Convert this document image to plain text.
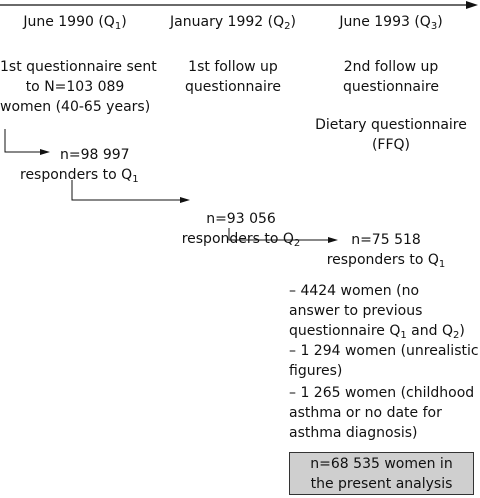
June 1990 $(Q_1)$	January 1992 $(Q_2)$	June 1993 $(Q_3)$
1st questionnaire sent
to N=103 089
women (40-65 years)
1st follow up
questionnaire
2nd follow up
questionnaire
Dietary questionnaire
(FFQ)
n=98 997
responders to $Q_1$
n=93 056
responders to $Q_2$	n=75 518
responders to $Q_1$
– 4424 women (no
answer to previous
questionnaire $Q_1$ and $Q_2$)
– 1 294 women (unrealistic
figures)
– 1 265 women (childhood
asthma or no date for
asthma diagnosis)
n=68 535 women in
the present analysis
